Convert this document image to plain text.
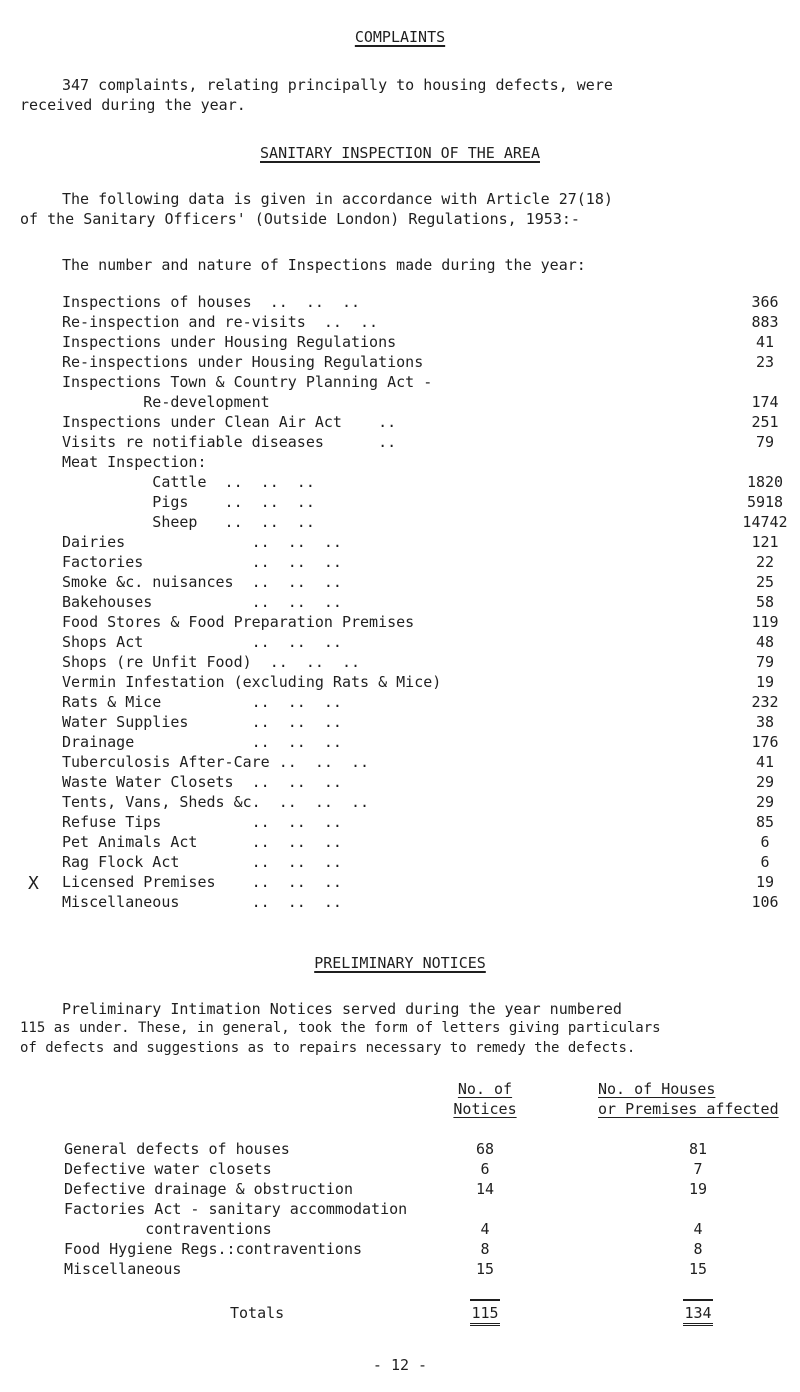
COMPLAINTS
347 complaints, relating principally to housing defects, were
received during the year.
SANITARY INSPECTION OF THE AREA
The following data is given in accordance with Article 27(18)
of the Sanitary Officers' (Outside London) Regulations, 1953:-
The number and nature of Inspections made during the year:
Inspections of houses  ..  ..  ..	366
Re-inspection and re-visits  ..  ..	883
Inspections under Housing Regulations	41
Re-inspections under Housing Regulations	23
Inspections Town & Country Planning Act -
Re-development	174
Inspections under Clean Air Act    ..	251
Visits re notifiable diseases      ..	79
Meat Inspection:
Cattle  ..  ..  ..	1820
Pigs    ..  ..  ..	5918
Sheep   ..  ..  ..	14742
Dairies              ..  ..  ..	121
Factories            ..  ..  ..	22
Smoke &c. nuisances  ..  ..  ..	25
Bakehouses           ..  ..  ..	58
Food Stores & Food Preparation Premises	119
Shops Act            ..  ..  ..	48
Shops (re Unfit Food)  ..  ..  ..	79
Vermin Infestation (excluding Rats & Mice)	19
Rats & Mice          ..  ..  ..	232
Water Supplies       ..  ..  ..	38
Drainage             ..  ..  ..	176
Tuberculosis After-Care ..  ..  ..	41
Waste Water Closets  ..  ..  ..	29
Tents, Vans, Sheds &c.  ..  ..  ..	29
Refuse Tips          ..  ..  ..	85
Pet Animals Act      ..  ..  ..	6
Rag Flock Act        ..  ..  ..	6
X Licensed Premises    ..  ..  ..	19
Miscellaneous        ..  ..  ..	106
PRELIMINARY NOTICES
Preliminary Intimation Notices served during the year numbered
115 as under. These, in general, took the form of letters giving particulars
of defects and suggestions as to repairs necessary to remedy the defects.
No. of
Notices
No. of Houses
or Premises affected
General defects of houses	68	81
Defective water closets	6	7
Defective drainage & obstruction	14	19
Factories Act - sanitary accommodation
contraventions	4	4
Food Hygiene Regs.:contraventions	8	8
Miscellaneous	15	15
Totals	115	134
- 12 -
